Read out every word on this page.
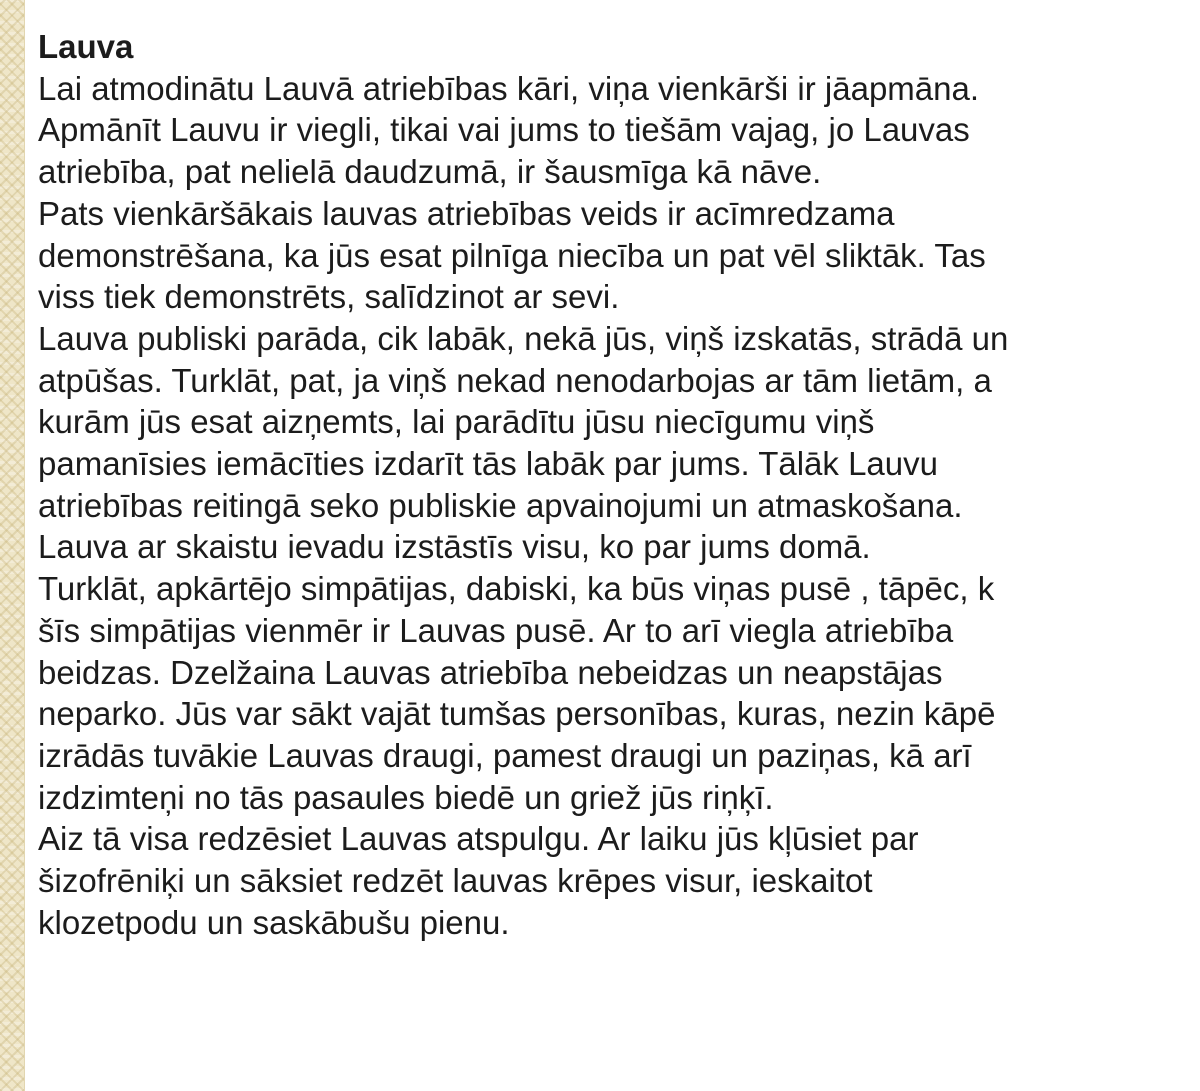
Lauva
Lai atmodinātu Lauvā atriebības kāri, viņa vienkārši ir jāapmāna.
Apmānīt Lauvu ir viegli, tikai vai jums to tiešām vajag, jo Lauvas
atriebība, pat nelielā daudzumā, ir šausmīga kā nāve.
Pats vienkāršākais lauvas atriebības veids ir acīmredzama
demonstrēšana, ka jūs esat pilnīga niecība un pat vēl sliktāk. Tas
viss tiek demonstrēts, salīdzinot ar sevi.
Lauva publiski parāda, cik labāk, nekā jūs, viņš izskatās, strādā un
atpūšas. Turklāt, pat, ja viņš nekad nenodarbojas ar tām lietām, a
kurām jūs esat aizņemts, lai parādītu jūsu niecīgumu viņš
pamanīsies iemācīties izdarīt tās labāk par jums. Tālāk Lauvu
atriebības reitingā seko publiskie apvainojumi un atmaskošana.
Lauva ar skaistu ievadu izstāstīs visu, ko par jums domā.
Turklāt, apkārtējo simpātijas, dabiski, ka būs viņas pusē , tāpēc, k
šīs simpātijas vienmēr ir Lauvas pusē. Ar to arī viegla atriebība
beidzas. Dzelžaina Lauvas atriebība nebeidzas un neapstājas
neparko. Jūs var sākt vajāt tumšas personības, kuras, nezin kāpē
izrādās tuvākie Lauvas draugi, pamest draugi un paziņas, kā arī
izdzimteņi no tās pasaules biedē un griež jūs riņķī.
Aiz tā visa redzēsiet Lauvas atspulgu. Ar laiku jūs kļūsiet par
šizofrēniķi un sāksiet redzēt lauvas krēpes visur, ieskaitot
klozetpodu un saskābušu pienu.
